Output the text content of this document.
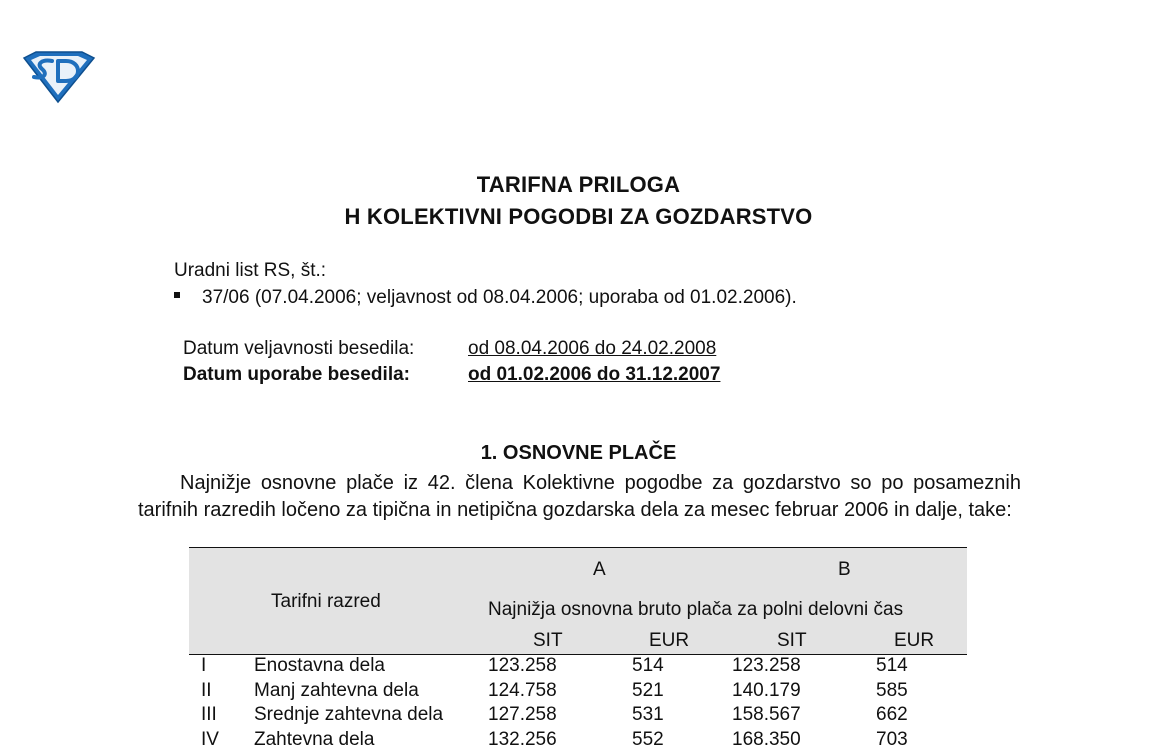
TARIFNA PRILOGA
H KOLEKTIVNI POGODBI ZA GOZDARSTVO
Uradni list RS, št.:
37/06 (07.04.2006; veljavnost od 08.04.2006; uporaba od 01.02.2006).
Datum veljavnosti besedila:	od 08.04.2006 do 24.02.2008
Datum uporabe besedila:	od 01.02.2006 do 31.12.2007
1. OSNOVNE PLAČE
Najnižje osnovne plače iz 42. člena Kolektivne pogodbe za gozdarstvo so po posameznih tarifnih razredih ločeno za tipična in netipična gozdarska dela za mesec februar 2006 in dalje, take:
Tarifni razred
A	B
Najnižja osnovna bruto plača za polni delovni čas
SIT	EUR	SIT	EUR
I	Enostavna dela	123.258	514	123.258	514
II Manj zahtevna dela	124.758	521	140.179	585
III Srednje zahtevna dela 127.258	531	158.567	662
IV Zahtevna dela	132.256	552	168.350	703
